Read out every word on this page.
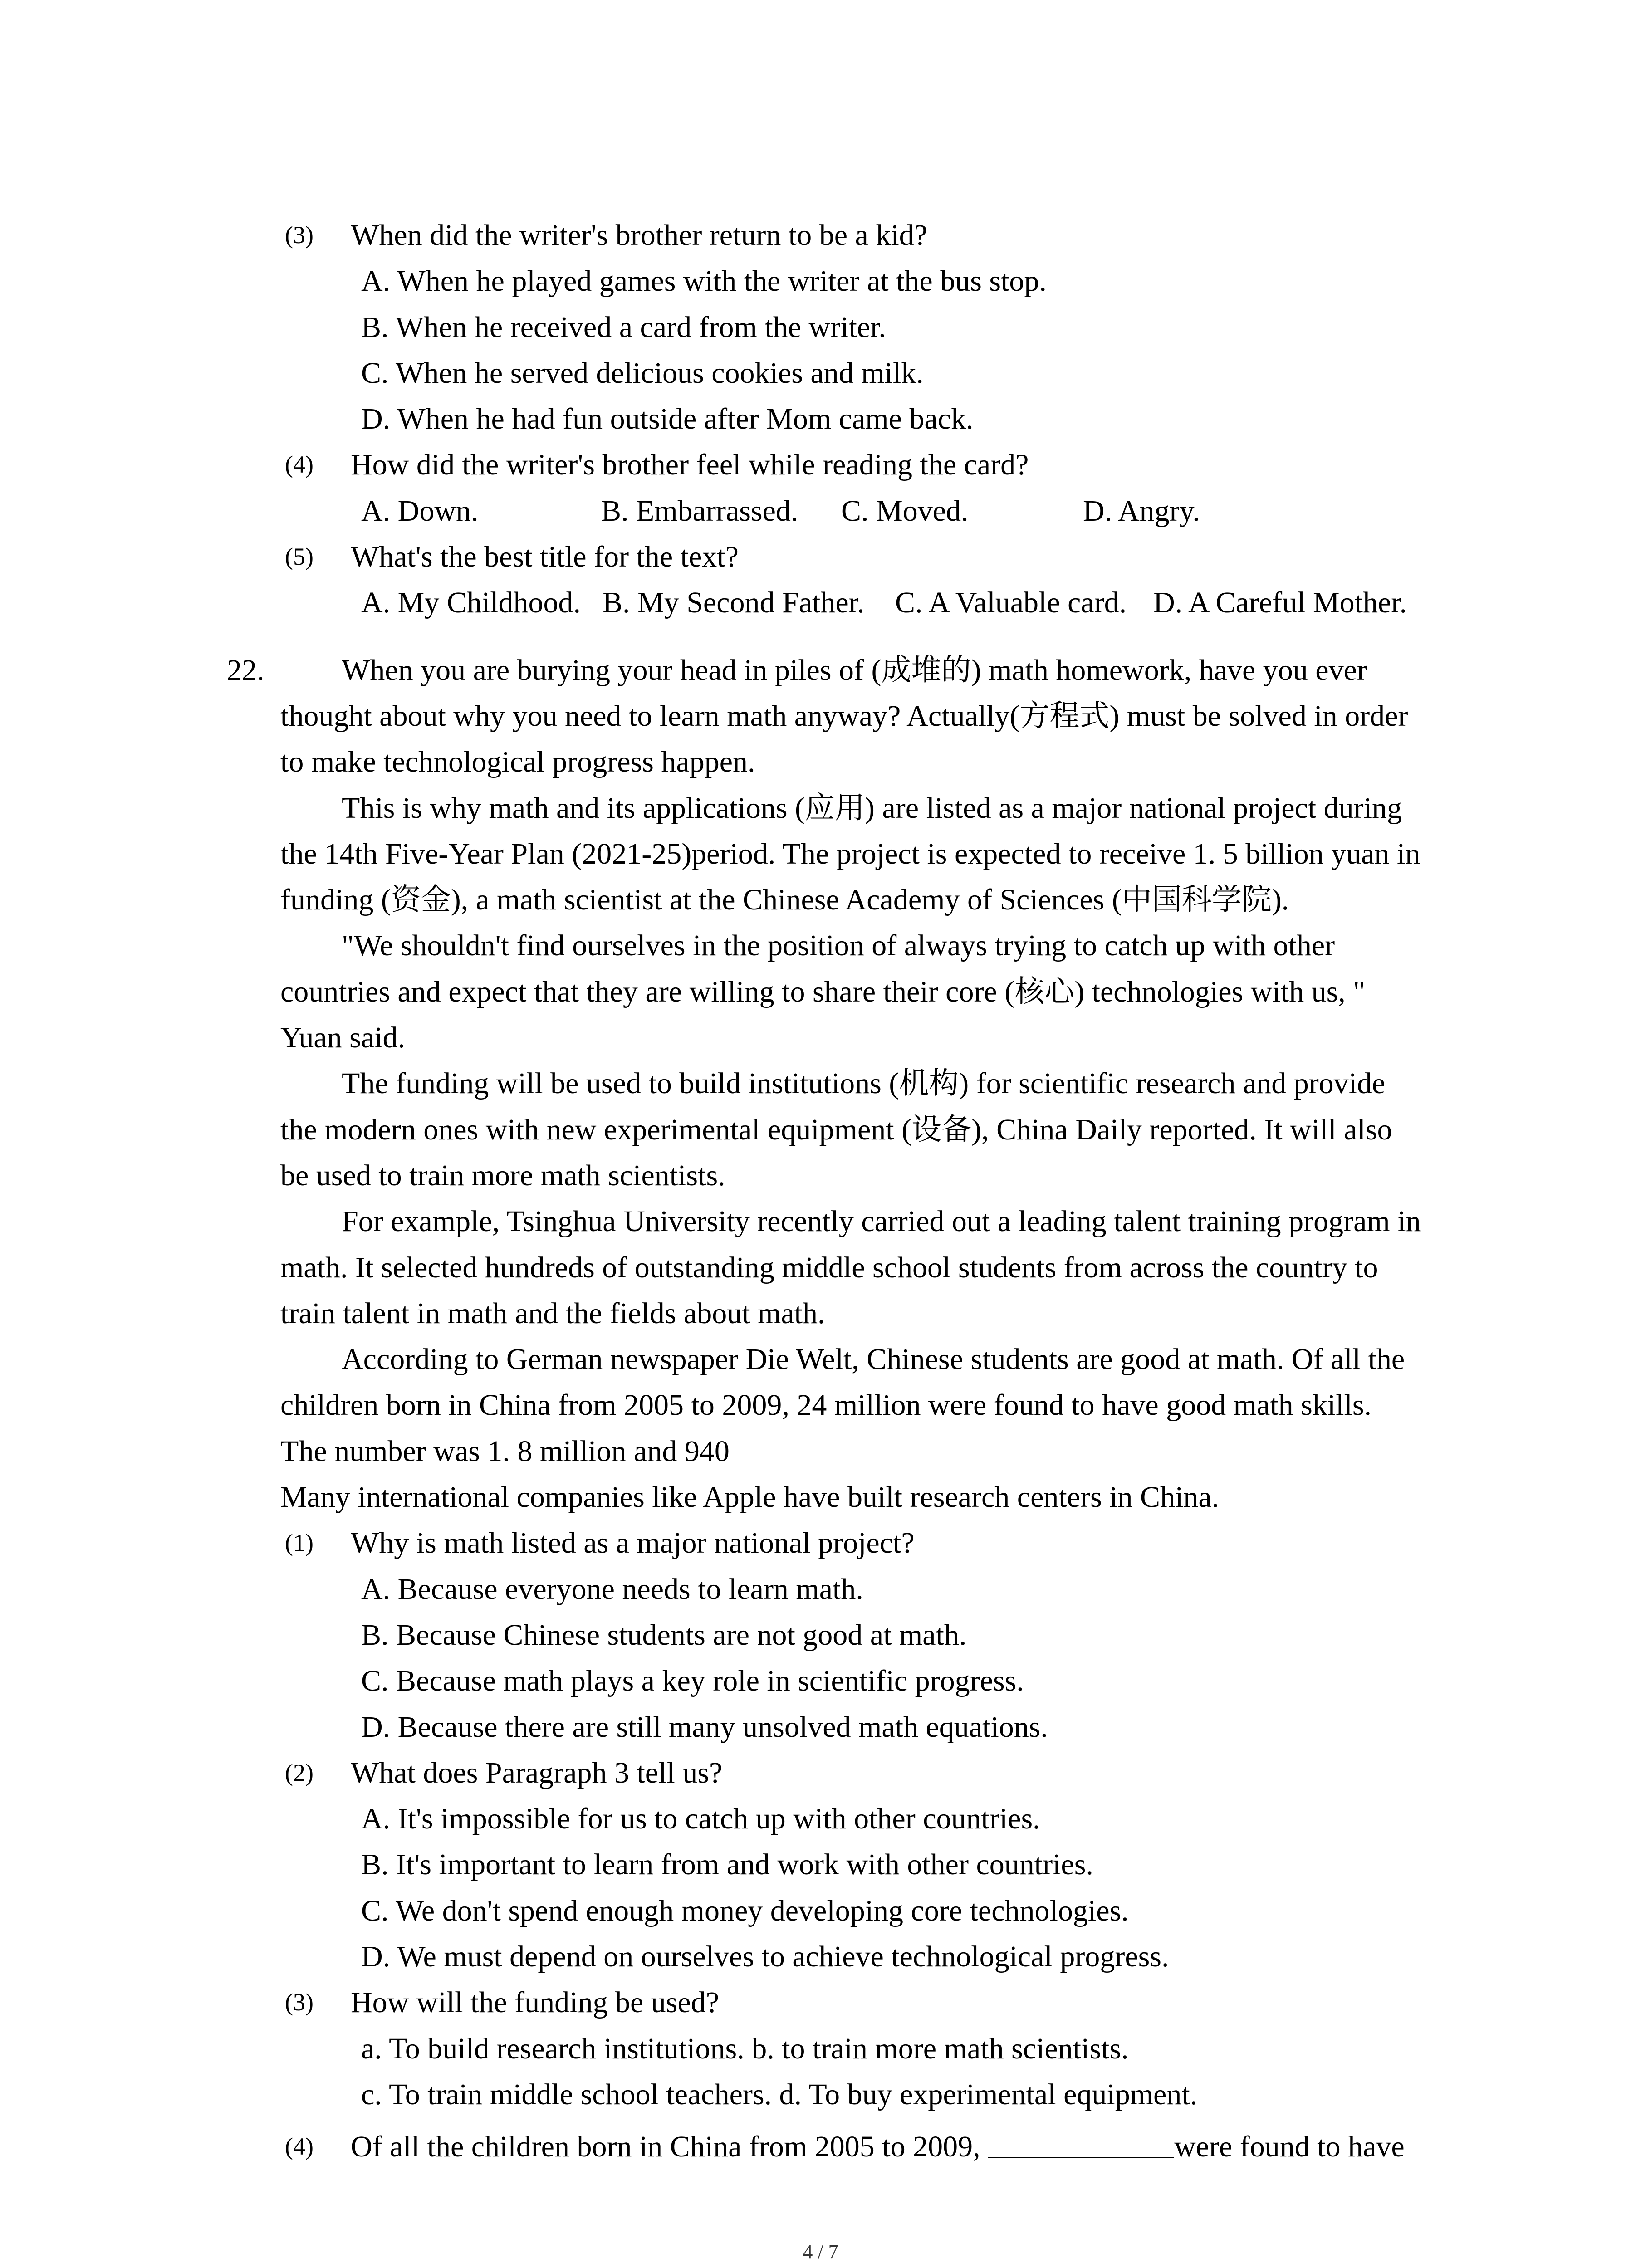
(3) When did the writer's brother return to be a kid?
A. When he played games with the writer at the bus stop.
B. When he received a card from the writer.
C. When he served delicious cookies and milk.
D. When he had fun outside after Mom came back.
(4) How did the writer's brother feel while reading the card?
A. Down.	B. Embarrassed. C. Moved.	D. Angry.
(5) What's the best title for the text?
A. My Childhood. B. My Second Father. C. A Valuable card. D. A Careful Mother.
22.	When you are burying your head in piles of (成堆的) math homework, have you ever
thought about why you need to learn math anyway? Actually(方程式) must be solved in order
to make technological progress happen.
This is why math and its applications (应用) are listed as a major national project during
the 14th Five-Year Plan (2021-25)period. The project is expected to receive 1. 5 billion yuan in
funding (资金), a math scientist at the Chinese Academy of Sciences (中国科学院).
"We shouldn't find ourselves in the position of always trying to catch up with other
countries and expect that they are willing to share their core (核心) technologies with us, "
Yuan said.
The funding will be used to build institutions (机构) for scientific research and provide
the modern ones with new experimental equipment (设备), China Daily reported. It will also
be used to train more math scientists.
For example, Tsinghua University recently carried out a leading talent training program in
math. It selected hundreds of outstanding middle school students from across the country to
train talent in math and the fields about math.
According to German newspaper Die Welt, Chinese students are good at math. Of all the
children born in China from 2005 to 2009, 24 million were found to have good math skills.
The number was 1. 8 million and 940
Many international companies like Apple have built research centers in China.
(1) Why is math listed as a major national project?
A. Because everyone needs to learn math.
B. Because Chinese students are not good at math.
C. Because math plays a key role in scientific progress.
D. Because there are still many unsolved math equations.
(2) What does Paragraph 3 tell us?
A. It's impossible for us to catch up with other countries.
B. It's important to learn from and work with other countries.
C. We don't spend enough money developing core technologies.
D. We must depend on ourselves to achieve technological progress.
(3) How will the funding be used?
a. To build research institutions. b. to train more math scientists.
c. To train middle school teachers. d. To buy experimental equipment.
(4) Of all the children born in China from 2005 to 2009,	were found to have
4 / 7
